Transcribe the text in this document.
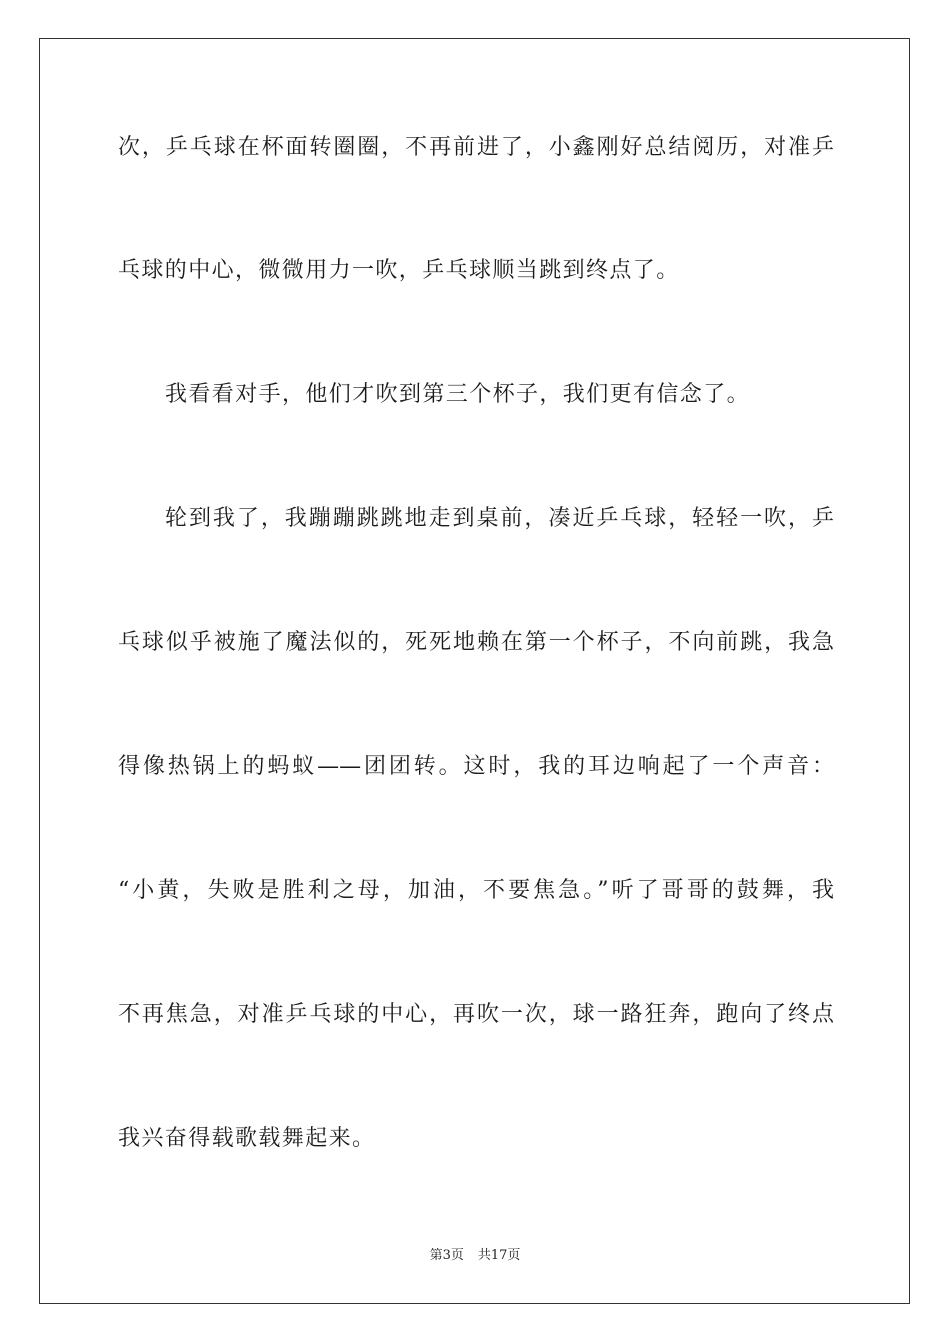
次，乒乓球在杯面转圈圈，不再前进了，小鑫刚好总结阅历，对准乒
乓球的中心，微微用力一吹，乒乓球顺当跳到终点了。
我看看对手，他们才吹到第三个杯子，我们更有信念了。
轮到我了，我蹦蹦跳跳地走到桌前，凑近乒乓球，轻轻一吹，乒
乓球似乎被施了魔法似的，死死地赖在第一个杯子，不向前跳，我急
得像热锅上的蚂蚁——团团转。这时，我的耳边响起了一个声音：
“小黄，失败是胜利之母，加油，不要焦急。”听了哥哥的鼓舞，我
不再焦急，对准乒乓球的中心，再吹一次，球一路狂奔，跑向了终点
我兴奋得载歌载舞起来。
第3页 共17页
